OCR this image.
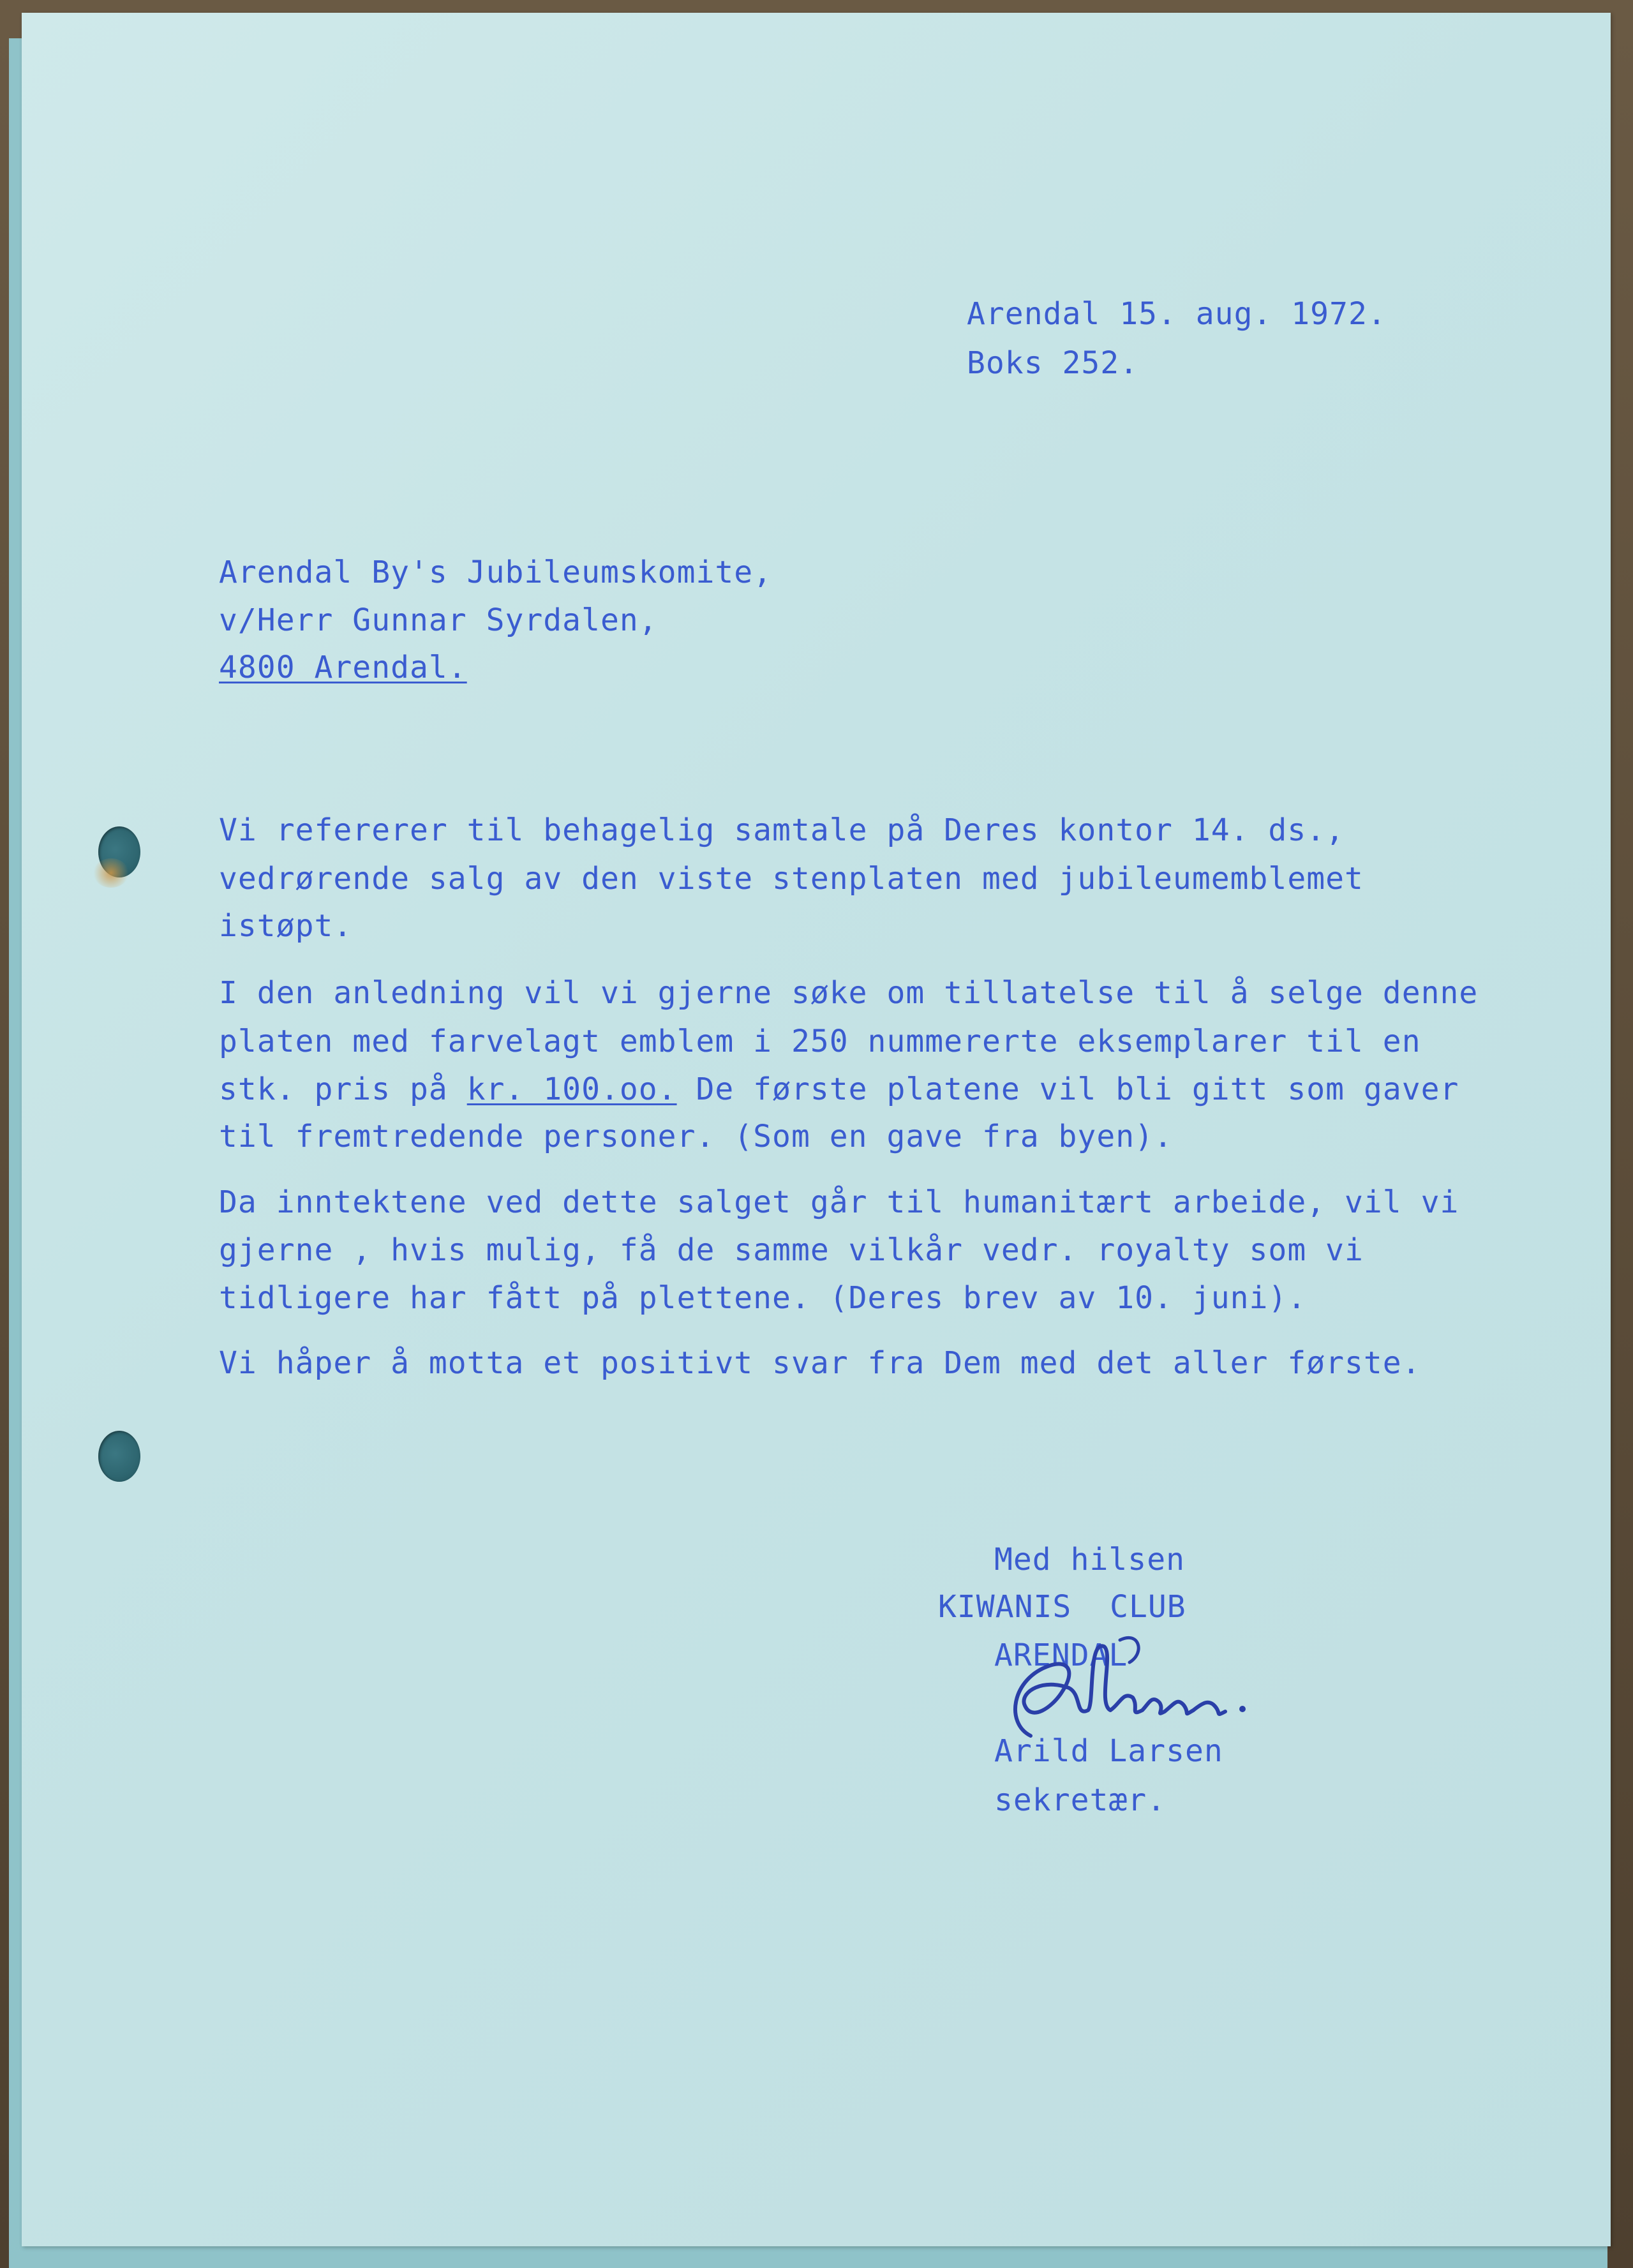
Arendal 15. aug. 1972.
Boks 252.
Arendal By's Jubileumskomite,
v/Herr Gunnar Syrdalen,
4800 Arendal.
Vi refererer til behagelig samtale på Deres kontor 14. ds.,
vedrørende salg av den viste stenplaten med jubileumemblemet
istøpt.
I den anledning vil vi gjerne søke om tillatelse til å selge denne
platen med farvelagt emblem i 250 nummererte eksemplarer til en
stk. pris på kr. 100.oo. De første platene vil bli gitt som gaver
til fremtredende personer. (Som en gave fra byen).
Da inntektene ved dette salget går til humanitært arbeide, vil vi
gjerne , hvis mulig, få de samme vilkår vedr. royalty som vi
tidligere har fått på plettene. (Deres brev av 10. juni).
Vi håper å motta et positivt svar fra Dem med det aller første.
Med hilsen
KIWANIS  CLUB
ARENDAL
Arild Larsen
sekretær.
